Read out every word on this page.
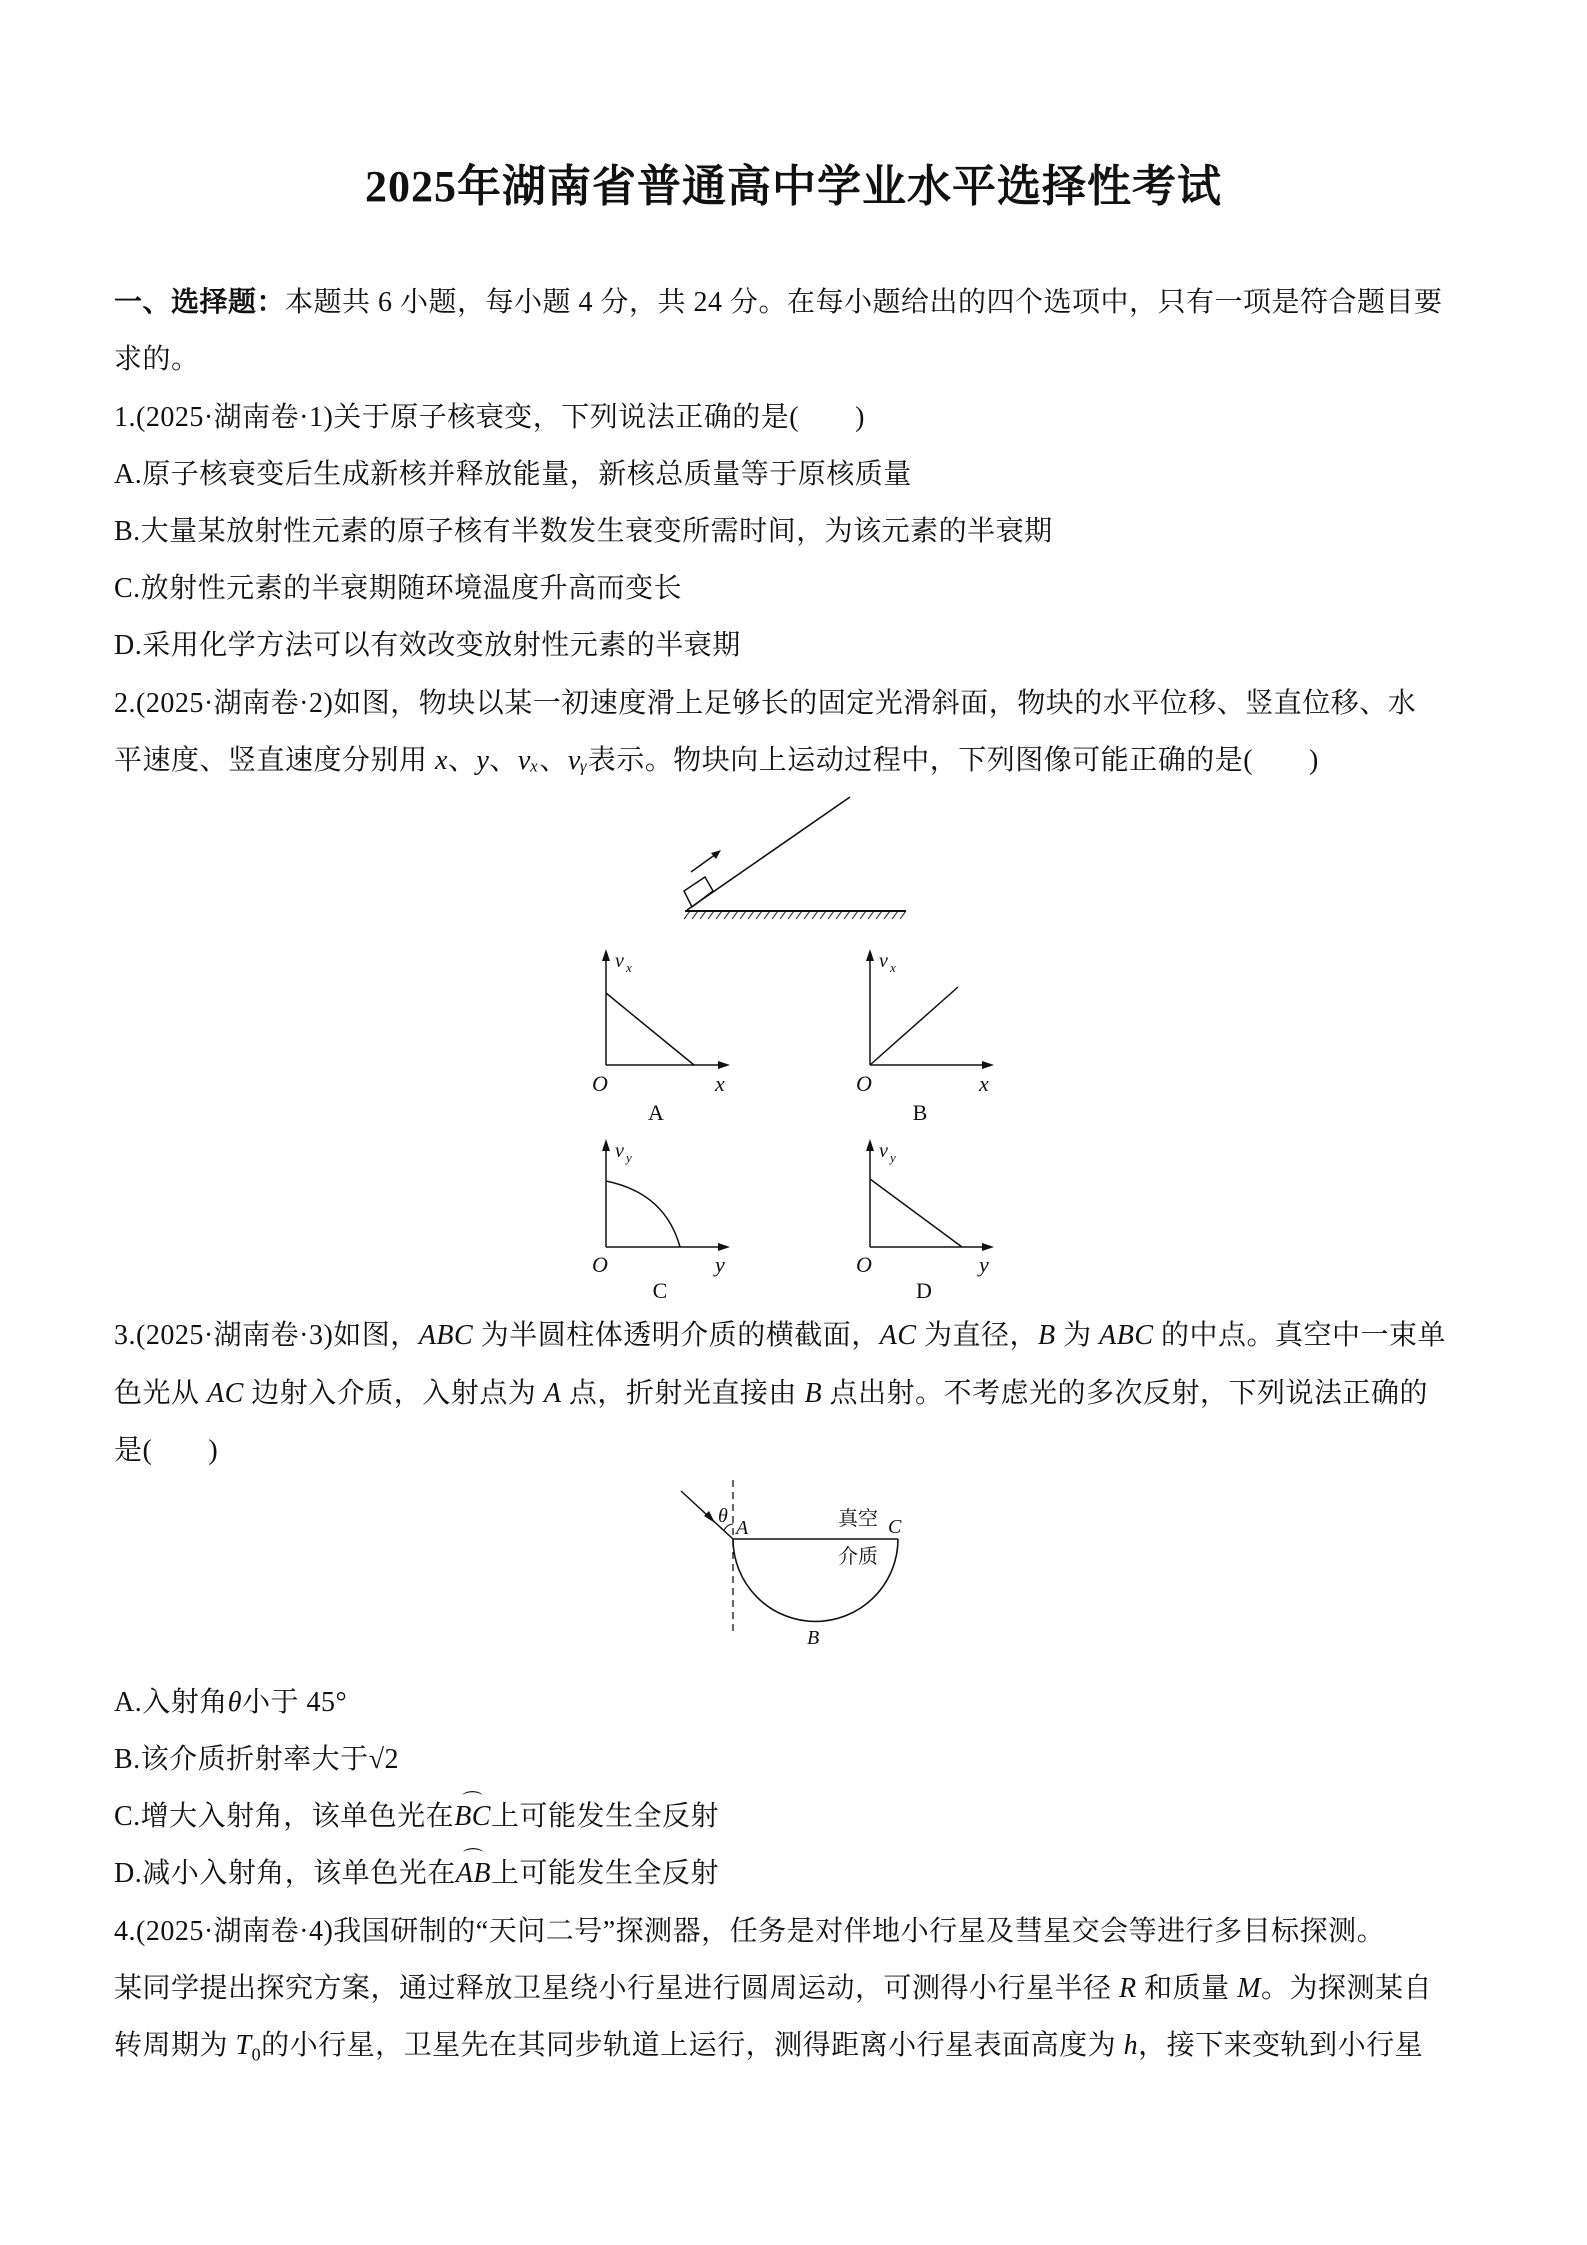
2025年湖南省普通高中学业水平选择性考试
一、选择题：本题共 6 小题，每小题 4 分，共 24 分。在每小题给出的四个选项中，只有一项是符合题目要
求的。
1.(2025·湖南卷·1)关于原子核衰变，下列说法正确的是( )
A.原子核衰变后生成新核并释放能量，新核总质量等于原核质量
B.大量某放射性元素的原子核有半数发生衰变所需时间，为该元素的半衰期
C.放射性元素的半衰期随环境温度升高而变长
D.采用化学方法可以有效改变放射性元素的半衰期
2.(2025·湖南卷·2)如图，物块以某一初速度滑上足够长的固定光滑斜面，物块的水平位移、竖直位移、水
平速度、竖直速度分别用 x、y、vₓ、vᵧ表示。物块向上运动过程中，下列图像可能正确的是( )
v x
O	x
A
v x
O	x
B
v y
O	y
C
v y
O	y
D
3.(2025·湖南卷·3)如图，ABC 为半圆柱体透明介质的横截面，AC 为直径，B 为 ABC 的中点。真空中一束单
色光从 AC 边射入介质，入射点为 A 点，折射光直接由 B 点出射。不考虑光的多次反射，下列说法正确的
是( )
θ
A	C
真空
介质
B
A.入射角θ小于 45°
B.该介质折射率大于√2
C.增大入射角，该单色光在⌒ BC上可能发生全反射
D.减小入射角，该单色光在⌒ AB上可能发生全反射
4.(2025·湖南卷·4)我国研制的“天问二号”探测器，任务是对伴地小行星及彗星交会等进行多目标探测。
某同学提出探究方案，通过释放卫星绕小行星进行圆周运动，可测得小行星半径 R 和质量 M。为探测某自
转周期为 $T_0$的小行星，卫星先在其同步轨道上运行，测得距离小行星表面高度为 h，接下来变轨到小行星
